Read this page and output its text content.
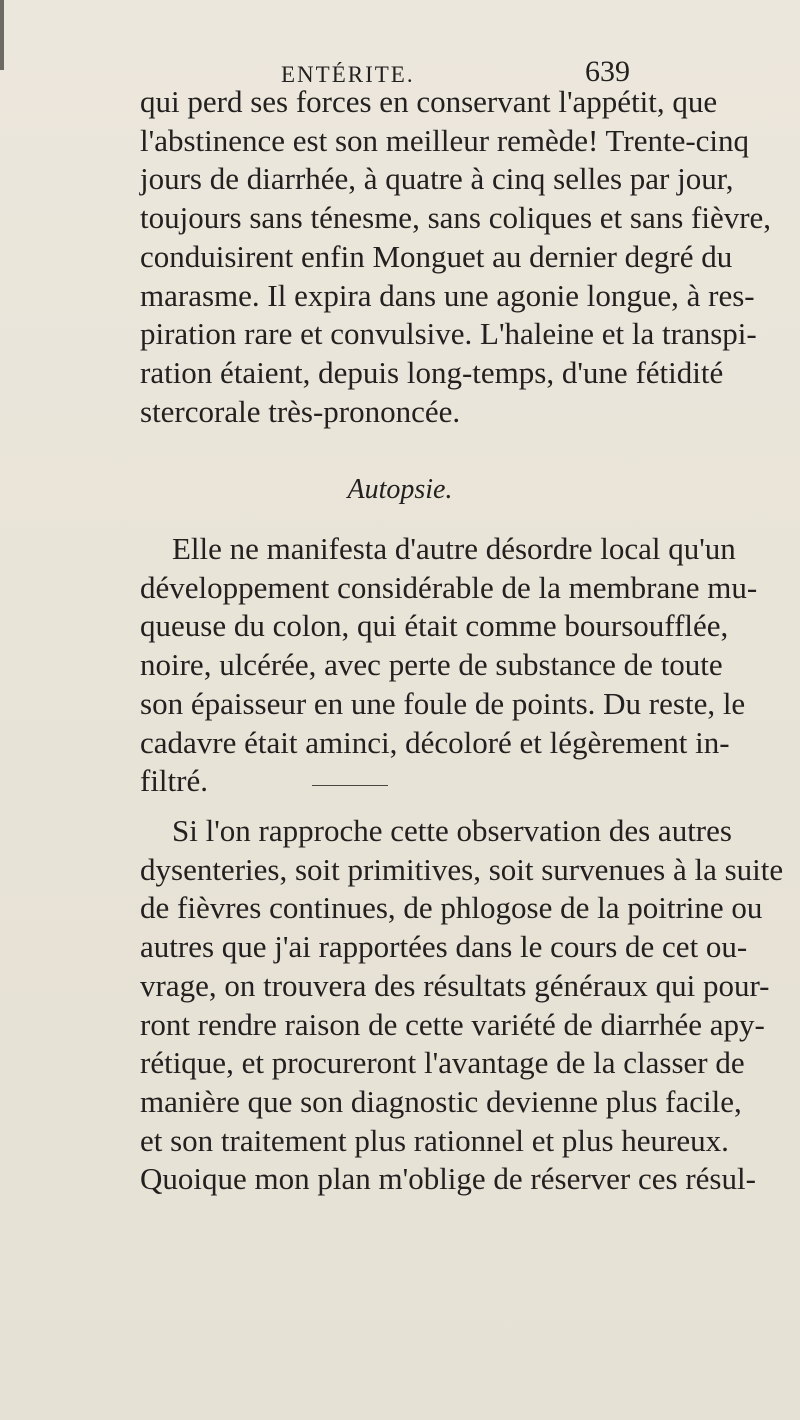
ENTÉRITE.	639
qui perd ses forces en conservant l'appétit, que
l'abstinence est son meilleur remède! Trente-cinq
jours de diarrhée, à quatre à cinq selles par jour,
toujours sans ténesme, sans coliques et sans fièvre,
conduisirent enfin Monguet au dernier degré du
marasme. Il expira dans une agonie longue, à res-
piration rare et convulsive. L'haleine et la transpi-
ration étaient, depuis long-temps, d'une fétidité
stercorale très-prononcée.
Autopsie.
Elle ne manifesta d'autre désordre local qu'un
développement considérable de la membrane mu-
queuse du colon, qui était comme boursoufflée,
noire, ulcérée, avec perte de substance de toute
son épaisseur en une foule de points. Du reste, le
cadavre était aminci, décoloré et légèrement in-
filtré.
Si l'on rapproche cette observation des autres
dysenteries, soit primitives, soit survenues à la suite
de fièvres continues, de phlogose de la poitrine ou
autres que j'ai rapportées dans le cours de cet ou-
vrage, on trouvera des résultats généraux qui pour-
ront rendre raison de cette variété de diarrhée apy-
rétique, et procureront l'avantage de la classer de
manière que son diagnostic devienne plus facile,
et son traitement plus rationnel et plus heureux.
Quoique mon plan m'oblige de réserver ces résul-
